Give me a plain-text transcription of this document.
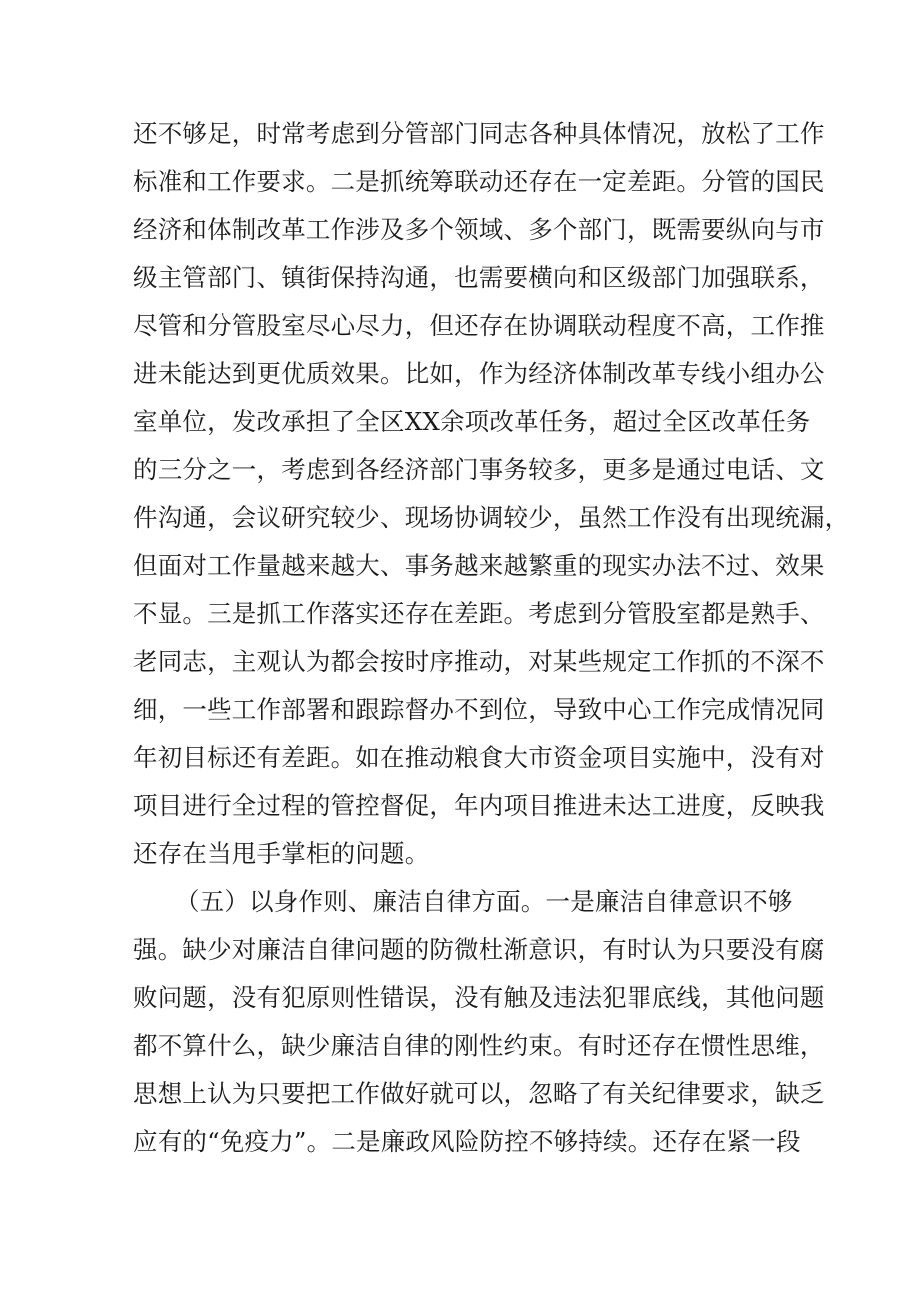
还不够足，时常考虑到分管部门同志各种具体情况，放松了工作
标准和工作要求。二是抓统筹联动还存在一定差距。分管的国民
经济和体制改革工作涉及多个领域、多个部门，既需要纵向与市
级主管部门、镇街保持沟通，也需要横向和区级部门加强联系，
尽管和分管股室尽心尽力，但还存在协调联动程度不高，工作推
进未能达到更优质效果。比如，作为经济体制改革专线小组办公
室单位，发改承担了全区XX余项改革任务，超过全区改革任务
的三分之一，考虑到各经济部门事务较多，更多是通过电话、文
件沟通，会议研究较少、现场协调较少，虽然工作没有出现统漏，
但面对工作量越来越大、事务越来越繁重的现实办法不过、效果
不显。三是抓工作落实还存在差距。考虑到分管股室都是熟手、
老同志，主观认为都会按时序推动，对某些规定工作抓的不深不
细，一些工作部署和跟踪督办不到位，导致中心工作完成情况同
年初目标还有差距。如在推动粮食大市资金项目实施中，没有对
项目进行全过程的管控督促，年内项目推进未达工进度，反映我
还存在当甩手掌柜的问题。
（五）以身作则、廉洁自律方面。一是廉洁自律意识不够
强。缺少对廉洁自律问题的防微杜渐意识，有时认为只要没有腐
败问题，没有犯原则性错误，没有触及违法犯罪底线，其他问题
都不算什么，缺少廉洁自律的刚性约束。有时还存在惯性思维，
思想上认为只要把工作做好就可以，忽略了有关纪律要求，缺乏
应有的“免疫力”。二是廉政风险防控不够持续。还存在紧一段
